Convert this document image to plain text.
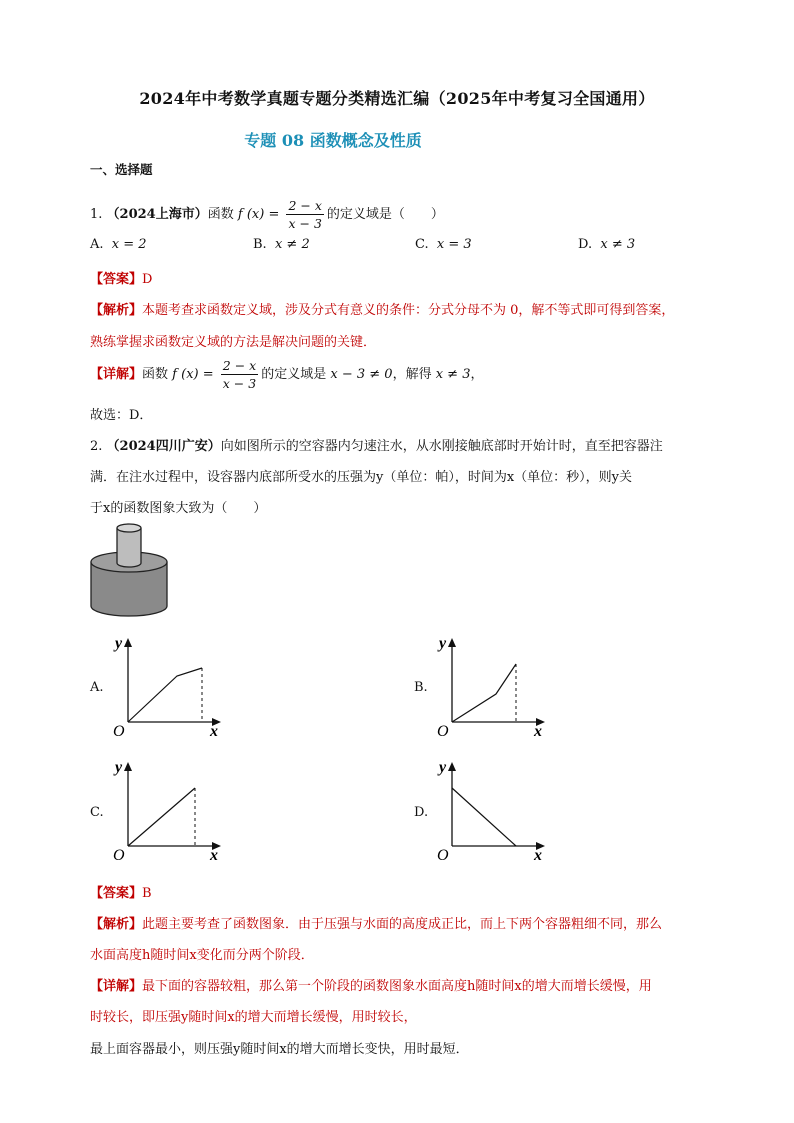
2024年中考数学真题专题分类精选汇编（2025年中考复习全国通用）
专题 08 函数概念及性质
一、选择题
1. （2024上海市）函数 f $(x) = \frac{2 - x}{x - 3}$ 的定义域是（　　）
A. x = 2	B. x ≠ 2	C. x = 3	D. x ≠ 3
【答案】D
【解析】本题考查求函数定义域，涉及分式有意义的条件：分式分母不为 0，解不等式即可得到答案，
熟练掌握求函数定义域的方法是解决问题的关键．
【详解】函数 f $(x) = \frac{2 - x}{x - 3}$ 的定义域是 x − 3 ≠ 0，解得 x ≠ 3，
故选：D．
2. （2024四川广安）向如图所示的空容器内匀速注水，从水刚接触底部时开始计时，直至把容器注
满．在注水过程中，设容器内底部所受水的压强为y（单位：帕），时间为x（单位：秒），则y关
于x的函数图象大致为（　　）
A.
O	x
y
B.
O	x
y
C.
O	x
y
D.
O	x
y
【答案】B
【解析】此题主要考查了函数图象．由于压强与水面的高度成正比，而上下两个容器粗细不同，那么
水面高度h随时间x变化而分两个阶段．
【详解】最下面的容器较粗，那么第一个阶段的函数图象水面高度h随时间x的增大而增长缓慢，用
时较长，即压强y随时间x的增大而增长缓慢，用时较长，
最上面容器最小，则压强y随时间x的增大而增长变快，用时最短．
